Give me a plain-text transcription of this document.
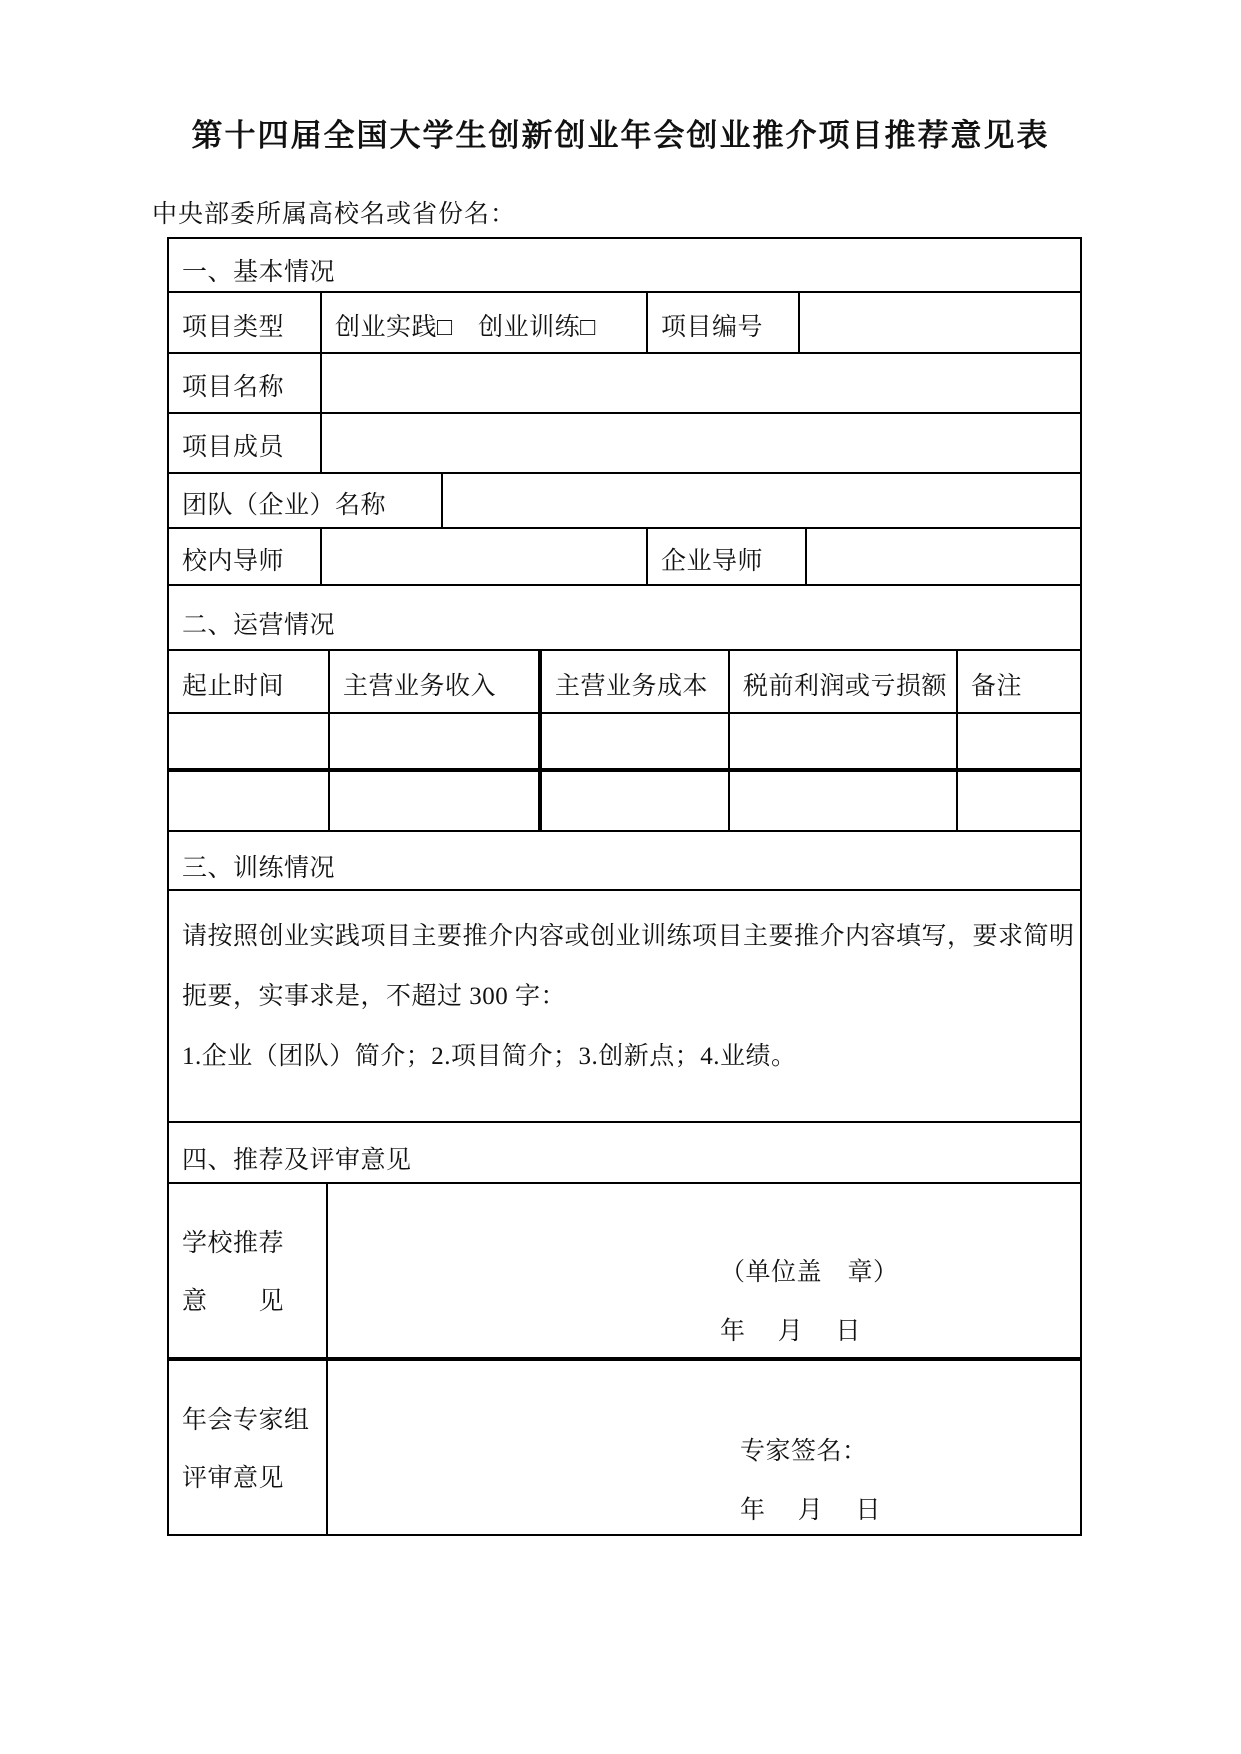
第十四届全国大学生创新创业年会创业推介项目推荐意见表
中央部委所属高校名或省份名：
一、基本情况
项目类型	创业实践□　创业训练□	项目编号
项目名称
项目成员
团队（企业）名称
校内导师	企业导师
二、运营情况
起止时间	主营业务收入	主营业务成本	税前利润或亏损额 备注
三、训练情况
请按照创业实践项目主要推介内容或创业训练项目主要推介内容填写，要求简明
扼要，实事求是，不超过 300 字：
1.企业（团队）简介；2.项目简介；3.创新点；4.业绩。
四、推荐及评审意见
学校推荐
意　　见
（单位盖　章）
年　 月　 日
年会专家组
评审意见
专家签名：
年　 月　 日
